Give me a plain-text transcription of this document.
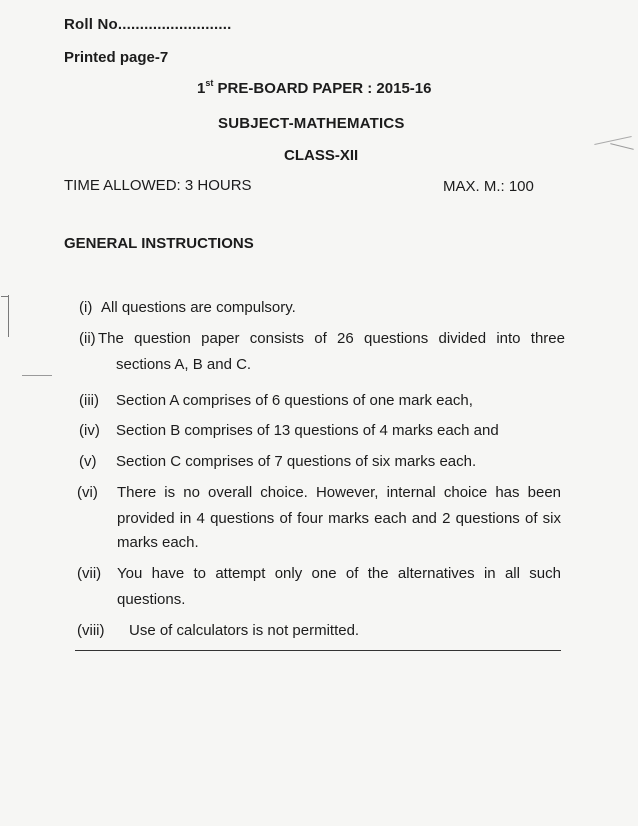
Roll No..........................
Printed page-7
1st PRE-BOARD PAPER : 2015-16
SUBJECT-MATHEMATICS
CLASS-XII
TIME ALLOWED: 3 HOURS	MAX. M.: 100
GENERAL INSTRUCTIONS
(i) All questions are compulsory.
(ii) The question paper consists of 26 questions divided into three
sections A, B and C.
(iii) Section A comprises of 6 questions of one mark each,
(iv) Section B comprises of 13 questions of 4 marks each and
(v) Section C comprises of 7 questions of six marks each.
(vi) There is no overall choice. However, internal choice has been
provided in 4 questions of four marks each and 2 questions of six
marks each.
(vii) You have to attempt only one of the alternatives in all such
questions.
(viii) Use of calculators is not permitted.
